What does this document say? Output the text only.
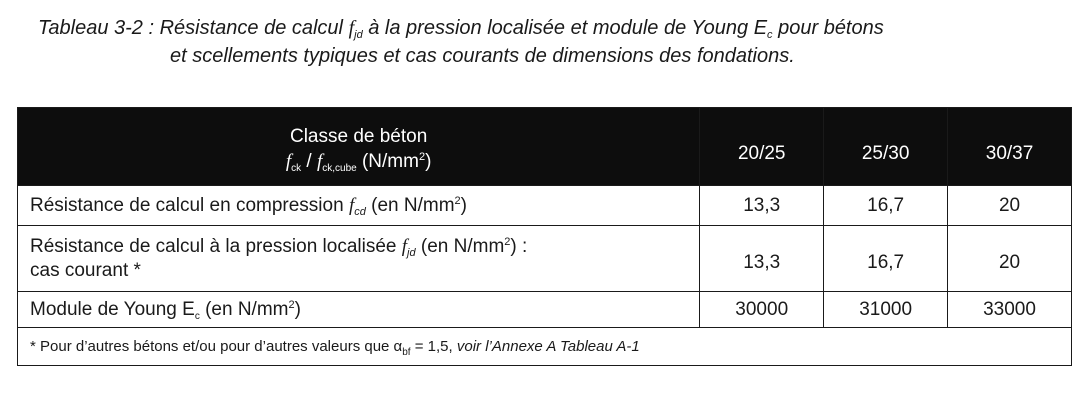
Tableau 3-2 : Résistance de calcul $f_{jd}$ à la pression localisée et module de Young $E_c$ pour bétons
et scellements typiques et cas courants de dimensions des fondations.
Classe de béton
$f_{ck} / f_{ck,cube}$ $(N/mm^2)$	20/25	25/30	30/37
Résistance de calcul en compression $f_{cd}$ (en $N/mm^2$)	13,3	16,7	20

Résistance de calcul à la pression localisée $f_{jd}$ (en $N/mm^2$) :
cas courant *	13,3	16,7	20
Module de Young $E_c$ (en $N/mm^2$)	30000	31000	33000
* Pour d’autres bétons et/ou pour d’autres valeurs que $\alpha_{bf} = 1,5$, voir l’Annexe A Tableau A-1			
